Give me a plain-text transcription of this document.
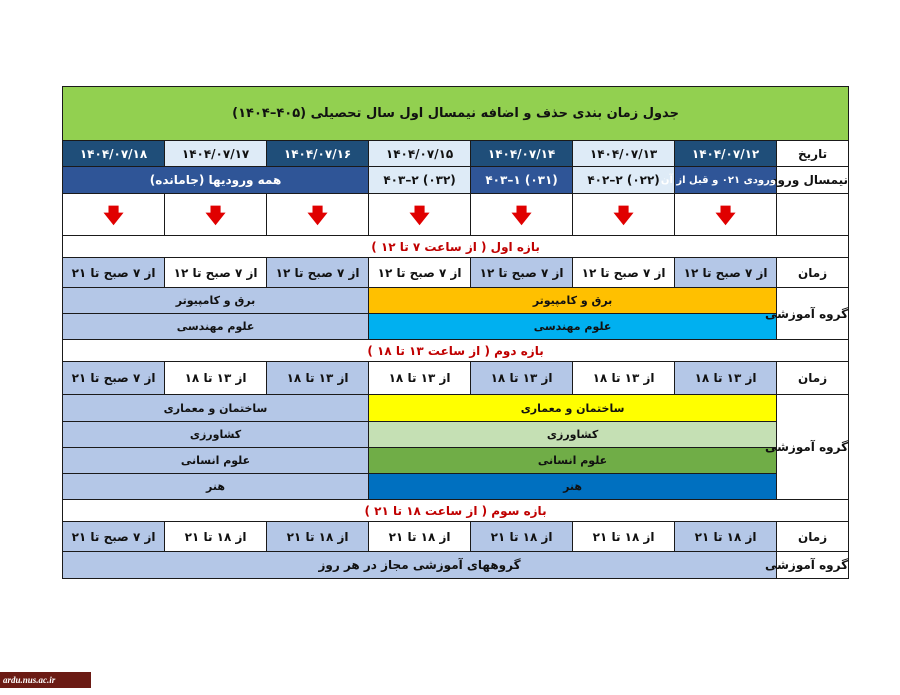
جدول زمان بندی حذف و اضافه نیمسال اول سال تحصیلی (۴۰۵–۱۴۰۴)							
تاریخ	۱۴۰۴/۰۷/۱۲	۱۴۰۴/۰۷/۱۳	۱۴۰۴/۰۷/۱۴	۱۴۰۴/۰۷/۱۵	۱۴۰۴/۰۷/۱۶	۱۴۰۴/۰۷/۱۷	۱۴۰۴/۰۷/۱۸
نیمسال ورود	ورودی ۰۲۱ و قبل از آن	(۰۲۲) ۲–۴۰۲	(۰۳۱) ۱–۴۰۳	(۰۳۲) ۲–۴۰۳	همه ورودیها (جامانده)		
	🡇	🡇	🡇	🡇	🡇	🡇	🡇
بازه اول ( از ساعت ۷ تا ۱۲ )							
زمان	از ۷ صبح تا ۱۲	از ۷ صبح تا ۱۲	از ۷ صبح تا ۱۲	از ۷ صبح تا ۱۲	از ۷ صبح تا ۱۲	از ۷ صبح تا ۱۲	از ۷ صبح تا ۲۱
گروه آموزشی	برق و کامپیوتر				برق و کامپیوتر		
	علوم مهندسی				علوم مهندسی		
بازه دوم ( از ساعت ۱۳ تا ۱۸ )							
زمان	از ۱۳ تا ۱۸	از ۱۳ تا ۱۸	از ۱۳ تا ۱۸	از ۱۳ تا ۱۸	از ۱۳ تا ۱۸	از ۱۳ تا ۱۸	از ۷ صبح تا ۲۱
گروه آموزشی	ساختمان و معماری				ساختمان و معماری		
	کشاورزی				کشاورزی		
	علوم انسانی				علوم انسانی		
	هنر				هنر		
بازه سوم ( از ساعت ۱۸ تا ۲۱ )							
زمان	از ۱۸ تا ۲۱	از ۱۸ تا ۲۱	از ۱۸ تا ۲۱	از ۱۸ تا ۲۱	از ۱۸ تا ۲۱	از ۱۸ تا ۲۱	از ۷ صبح تا ۲۱
گروه آموزشی	گروههای آموزشی مجاز در هر روز						
ardu.nus.ac.ir
